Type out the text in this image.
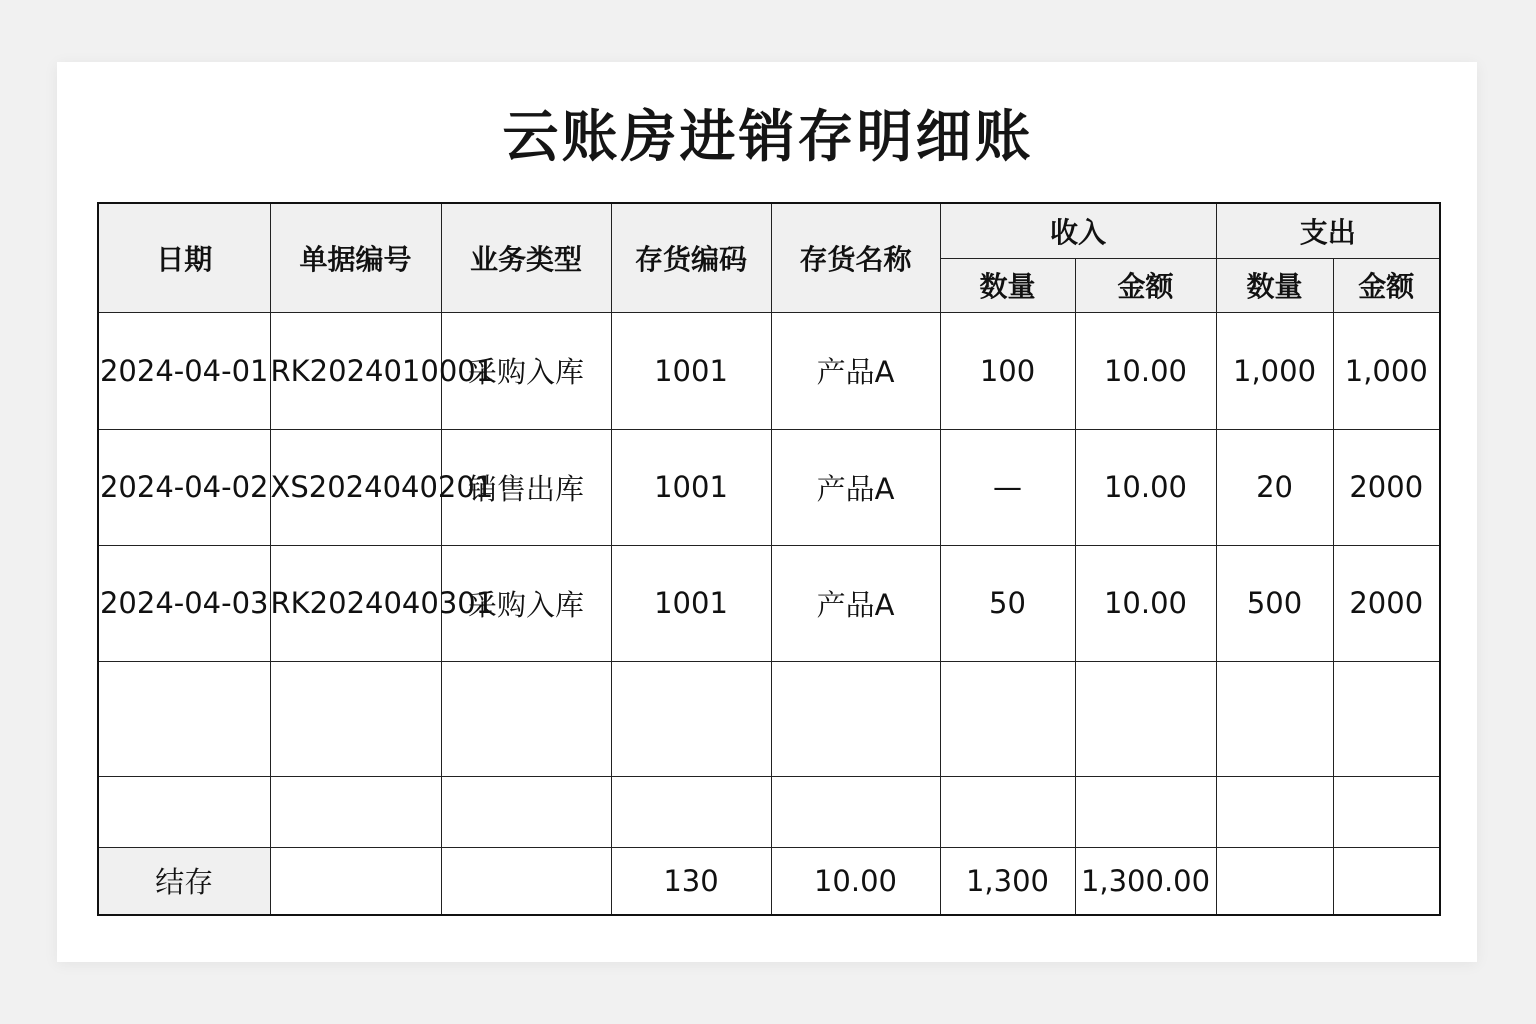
云账房进销存明细账
日期	单据编号	业务类型	存货编码	存货名称	收入		支出	
					数量	金额	数量	金额
2024-04-01	RK2024010001	采购入库	1001	产品A	100	10.00	1,000	1,000
2024-04-02	XS2024040201	销售出库	1001	产品A	—	10.00	20	2000
2024-04-03	RK2024040301	采购入库	1001	产品A	50	10.00	500	2000

结存			130	10.00	1,300	1,300.00		
